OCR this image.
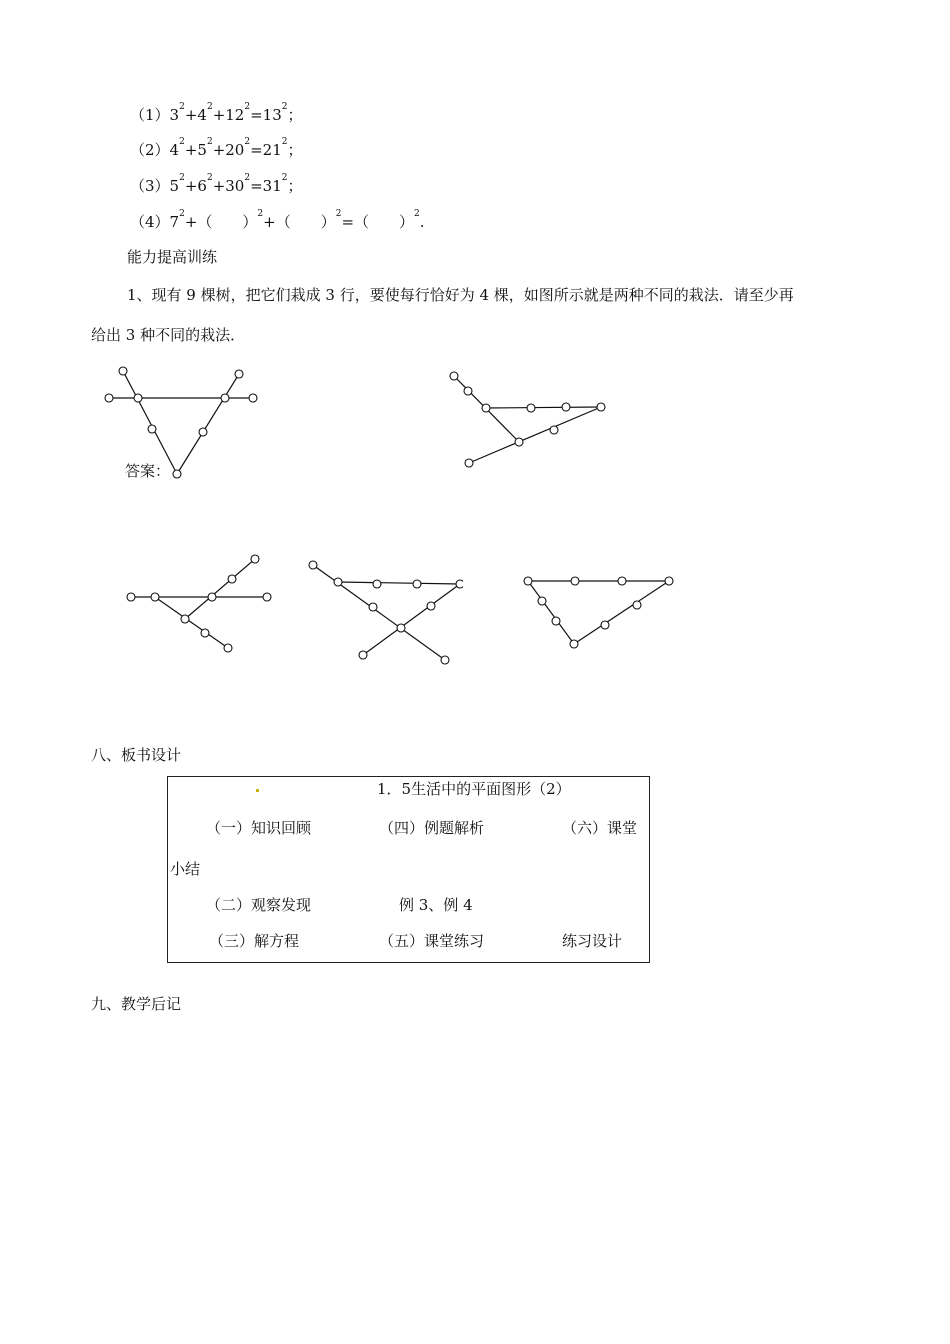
$(1)3^2+4^2+12^2=13^2$；
$(2)4^2+5^2+20^2=21^2$；
$(3)5^2+6^2+30^2=31^2$；
$(4)7^2+$（　　）$^2$+（　　）$^2$=（　　）$^2$.
能力提高训练
1、现有 9 棵树，把它们栽成 3 行，要使每行恰好为 4 棵，如图所示就是两种不同的栽法．请至少再
给出 3 种不同的栽法．
答案：
八、板书设计
1．5生活中的平面图形（2）
（一）知识回顾	（四）例题解析	（六）课堂
小结
（二）观察发现	例 3、例 4
（三）解方程	（五）课堂练习	练习设计
九、教学后记
